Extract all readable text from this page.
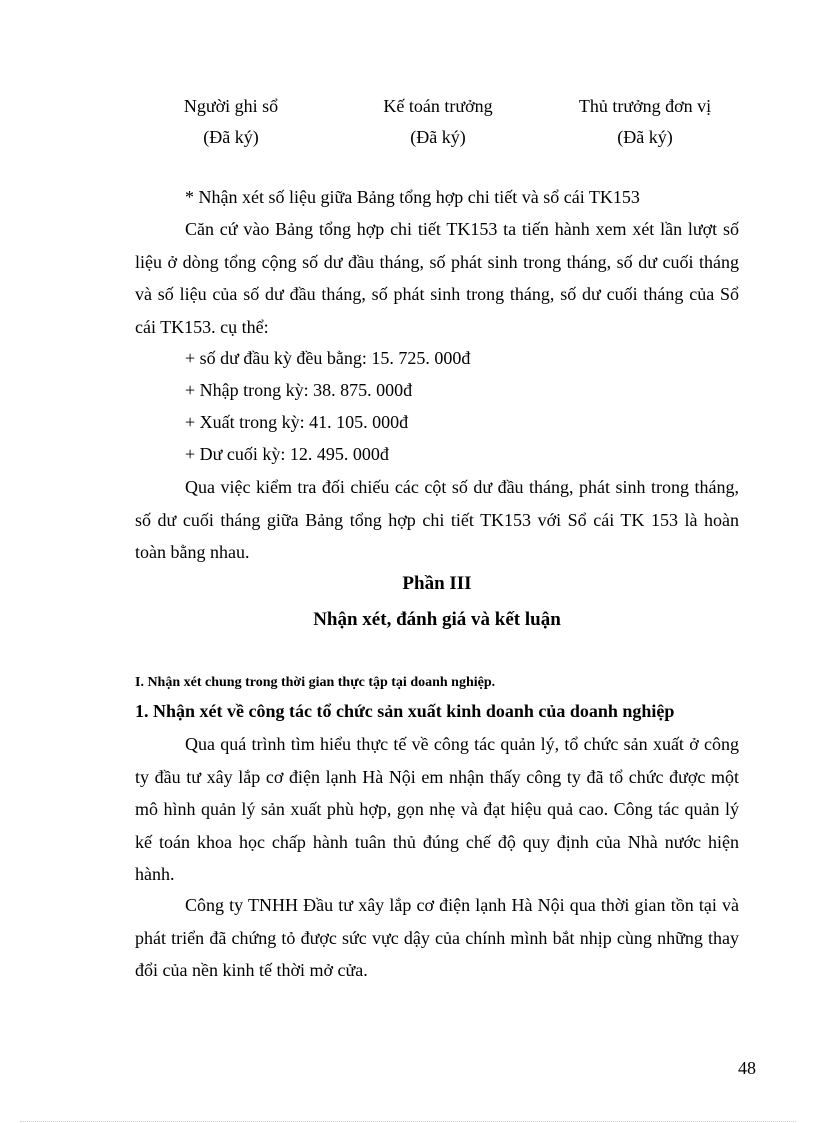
Người ghi sổ
(Đã ký)
Kế toán trưởng
(Đã ký)
Thủ trưởng đơn vị
(Đã ký)
* Nhận xét số liệu giữa Bảng tổng hợp chi tiết và sổ cái TK153
Căn cứ vào Bảng tổng hợp chi tiết TK153 ta tiến hành xem xét lần lượt số liệu ở dòng tổng cộng số dư đầu tháng, số phát sinh trong tháng, số dư cuối tháng và số liệu của số dư đầu tháng, số phát sinh trong tháng, số dư cuối tháng của Sổ cái TK153. cụ thể:
+ số dư đầu kỳ đều bằng: 15. 725. 000đ
+ Nhập trong kỳ: 38. 875. 000đ
+ Xuất trong kỳ: 41. 105. 000đ
+ Dư cuối kỳ: 12. 495. 000đ
Qua việc kiểm tra đối chiếu các cột số dư đầu tháng, phát sinh trong tháng, số dư cuối tháng giữa Bảng tổng hợp chi tiết TK153 với Sổ cái TK 153 là hoàn toàn bằng nhau.
Phần III
Nhận xét, đánh giá và kết luận
I. Nhận xét chung trong thời gian thực tập tại doanh nghiệp.
1. Nhận xét về công tác tổ chức sản xuất kinh doanh của doanh nghiệp
Qua quá trình tìm hiểu thực tế về công tác quản lý, tổ chức sản xuất ở công ty đầu tư xây lắp cơ điện lạnh Hà Nội em nhận thấy công ty đã tổ chức được một mô hình quản lý sản xuất phù hợp, gọn nhẹ và đạt hiệu quả cao. Công tác quản lý kế toán khoa học chấp hành tuân thủ đúng chế độ quy định của Nhà nước hiện hành.
Công ty TNHH Đầu tư xây lắp cơ điện lạnh Hà Nội qua thời gian tồn tại và phát triển đã chứng tỏ được sức vực dậy của chính mình bắt nhịp cùng những thay đổi của nền kinh tế thời mở cửa.
48
